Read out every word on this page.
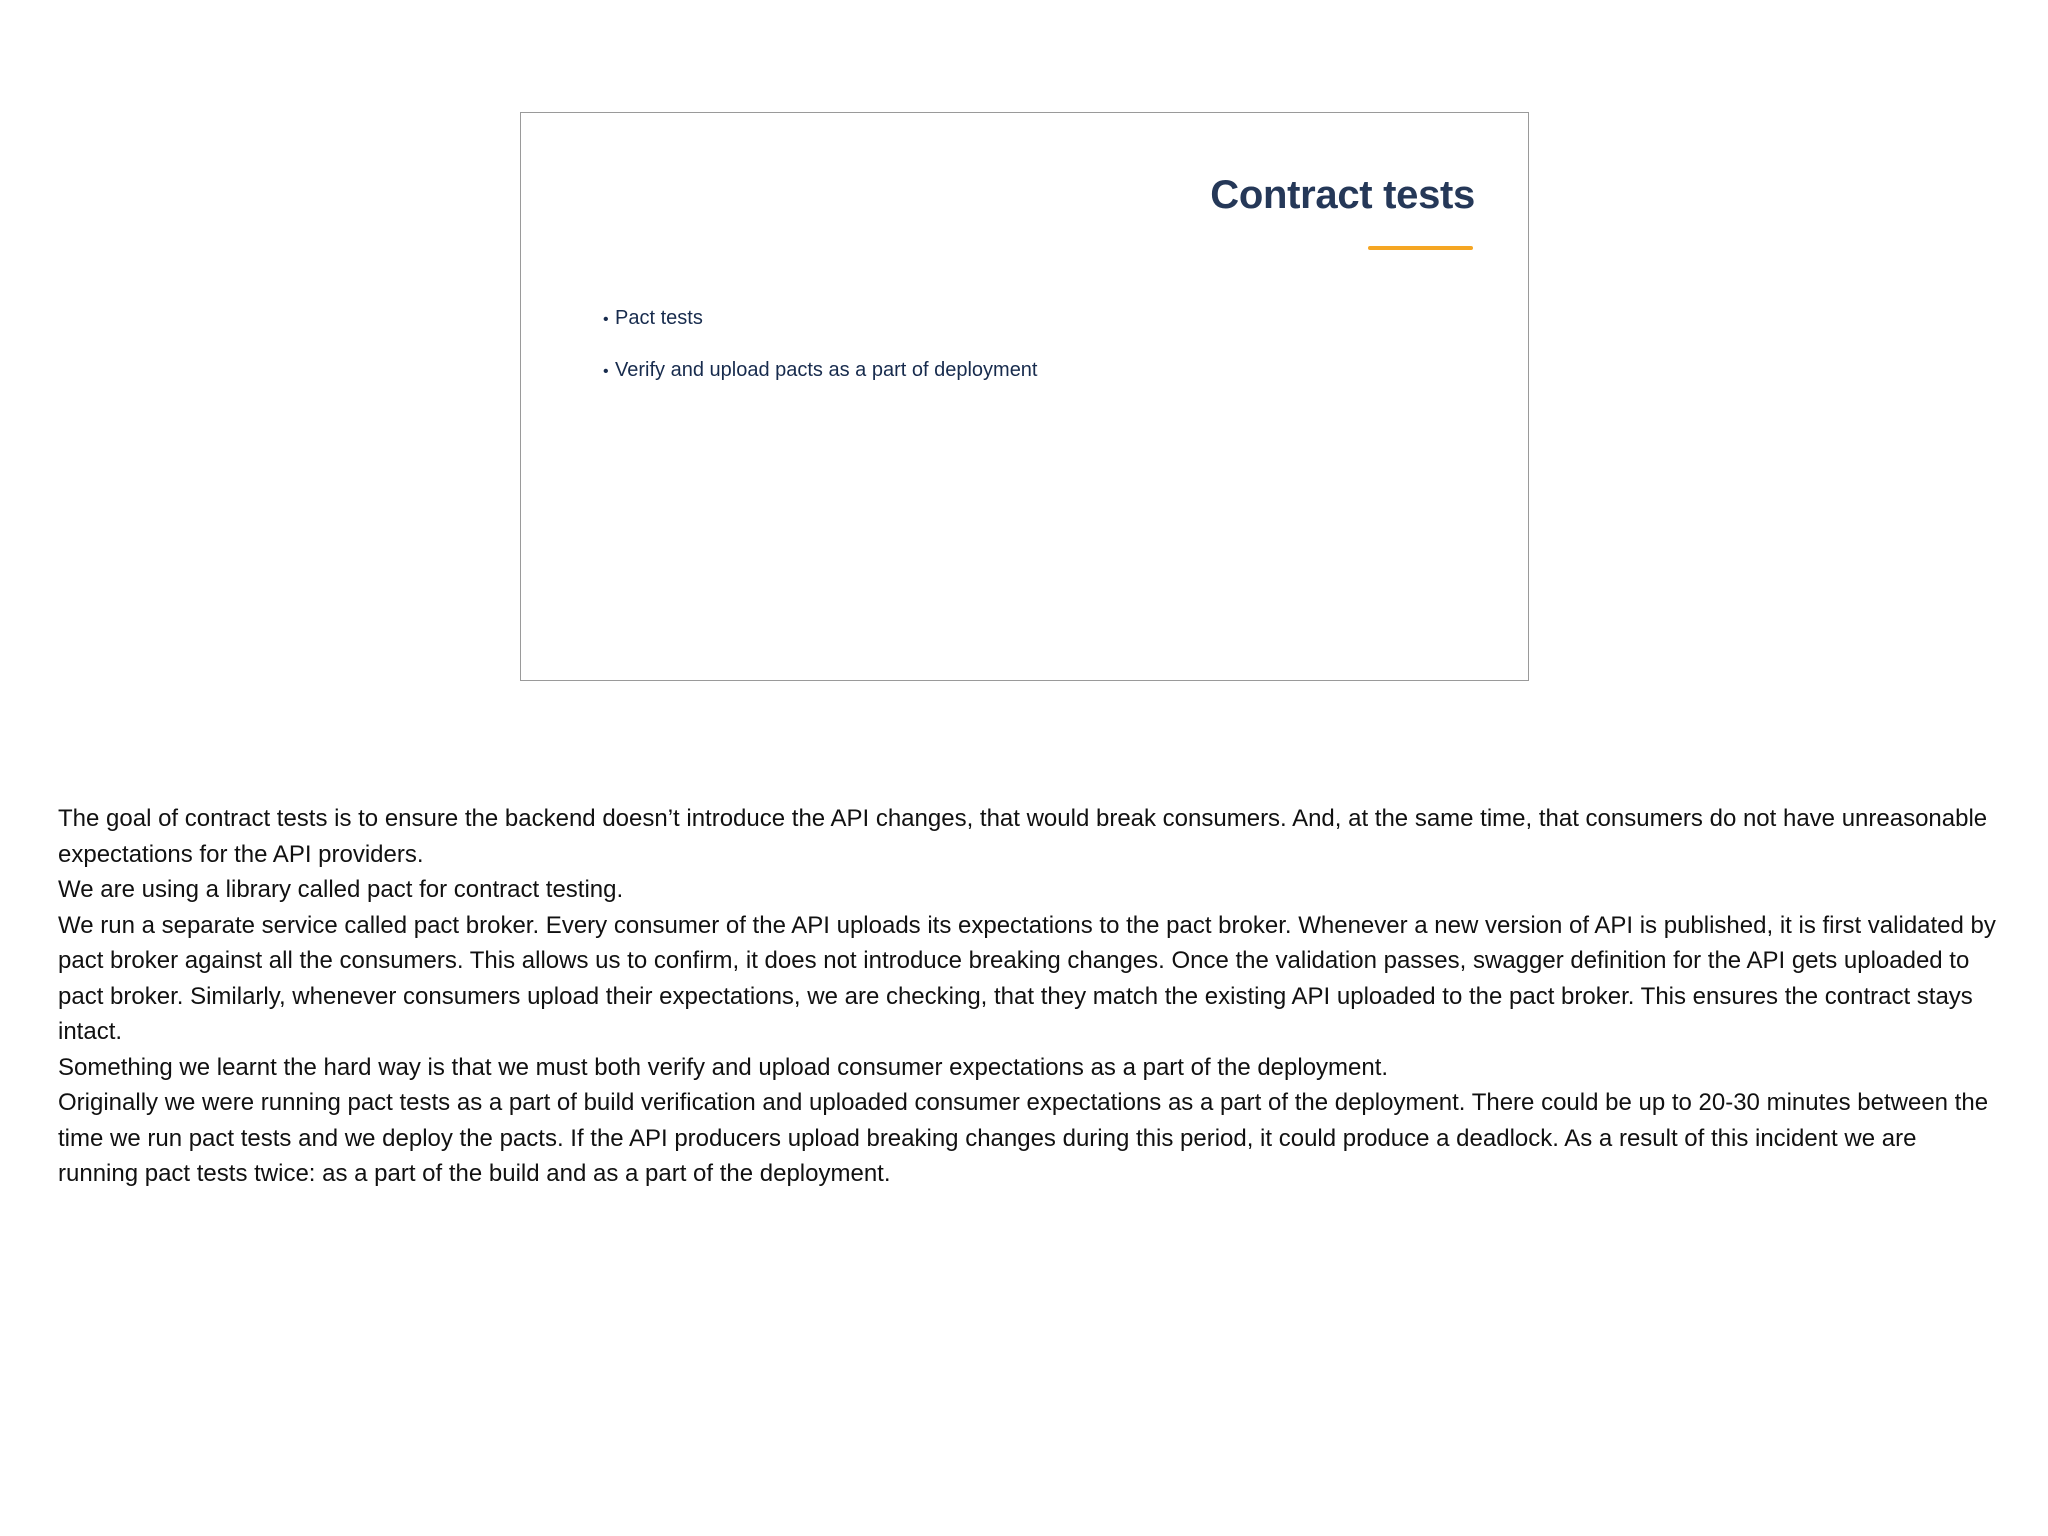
Contract tests
• Pact tests
• Verify and upload pacts as a part of deployment

The goal of contract tests is to ensure the backend doesn’t introduce the API changes, that would break consumers. And, at the same time, that consumers do not have unreasonable expectations for the API providers.

We are using a library called pact for contract testing.

We run a separate service called pact broker. Every consumer of the API uploads its expectations to the pact broker. Whenever a new version of API is published, it is first validated by pact broker against all the consumers. This allows us to confirm, it does not introduce breaking changes. Once the validation passes, swagger definition for the API gets uploaded to pact broker. Similarly, whenever consumers upload their expectations, we are checking, that they match the existing API uploaded to the pact broker. This ensures the contract stays intact.

Something we learnt the hard way is that we must both verify and upload consumer expectations as a part of the deployment.

Originally we were running pact tests as a part of build verification and uploaded consumer expectations as a part of the deployment. There could be up to 20-30 minutes between the time we run pact tests and we deploy the pacts. If the API producers upload breaking changes during this period, it could produce a deadlock. As a result of this incident we are running pact tests twice: as a part of the build and as a part of the deployment.
